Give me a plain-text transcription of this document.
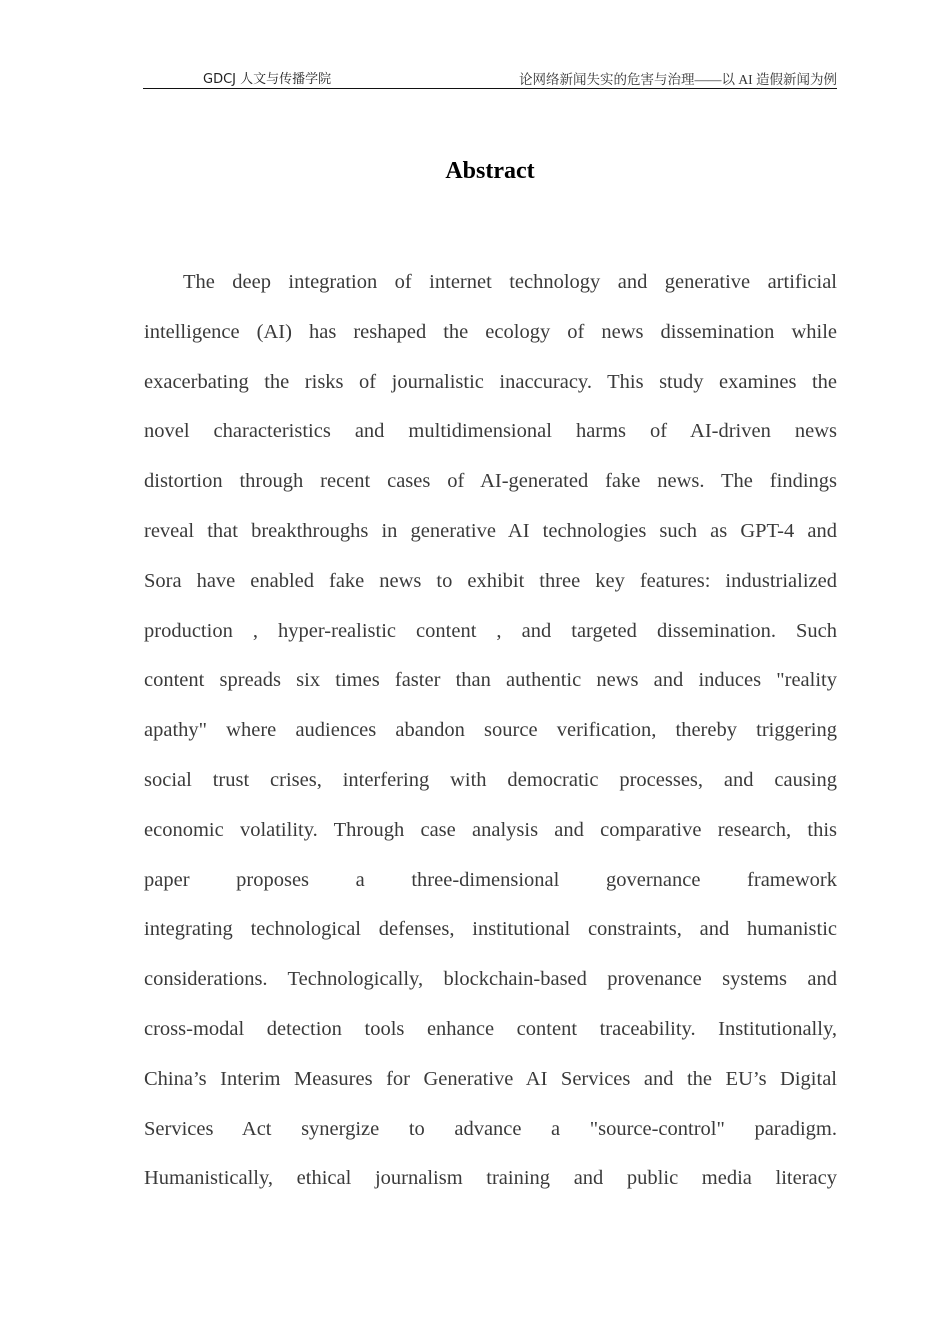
GDCJ 人文与传播学院	论网络新闻失实的危害与治理——以 AI 造假新闻为例
Abstract
The deep integration of internet technology and generative artificial
intelligence (AI) has reshaped the ecology of news dissemination while
exacerbating the risks of journalistic inaccuracy. This study examines the
novel characteristics and multidimensional harms of AI-driven news
distortion through recent cases of AI-generated fake news. The findings
reveal that breakthroughs in generative AI technologies such as GPT-4 and
Sora have enabled fake news to exhibit three key features: industrialized
production , hyper-realistic content , and targeted dissemination. Such
content spreads six times faster than authentic news and induces "reality
apathy" where audiences abandon source verification, thereby triggering
social trust crises, interfering with democratic processes, and causing
economic volatility. Through case analysis and comparative research, this
paper proposes a three-dimensional governance framework
integrating technological defenses, institutional constraints, and humanistic
considerations. Technologically, blockchain-based provenance systems and
cross-modal detection tools enhance content traceability. Institutionally,
China’s Interim Measures for Generative AI Services and the EU’s Digital
Services Act synergize to advance a "source-control" paradigm.
Humanistically, ethical journalism training and public media literacy
